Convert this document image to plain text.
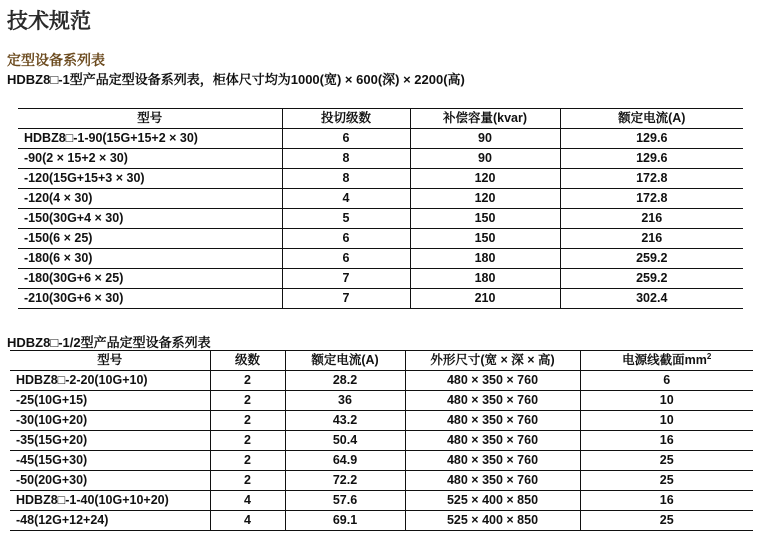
技术规范
定型设备系列表
HDBZ8□-1型产品定型设备系列表，柜体尺寸均为1000(宽) × 600(深) × 2200(高)
型号	投切级数	补偿容量(kvar)	额定电流(A)
HDBZ8□-1-90(15G+15+2 × 30)	6	90	129.6
-90(2 × 15+2 × 30)	8	90	129.6
-120(15G+15+3 × 30)	8	120	172.8
-120(4 × 30)	4	120	172.8
-150(30G+4 × 30)	5	150	216
-150(6 × 25)	6	150	216
-180(6 × 30)	6	180	259.2
-180(30G+6 × 25)	7	180	259.2
-210(30G+6 × 30)	7	210	302.4
HDBZ8□-1/2型产品定型设备系列表
型号	级数	额定电流(A)	外形尺寸(宽 × 深 × 高)	电源线截面$mm^2$
HDBZ8□-2-20(10G+10)	2	28.2	480 × 350 × 760	6
-25(10G+15)	2	36	480 × 350 × 760	10
-30(10G+20)	2	43.2	480 × 350 × 760	10
-35(15G+20)	2	50.4	480 × 350 × 760	16
-45(15G+30)	2	64.9	480 × 350 × 760	25
-50(20G+30)	2	72.2	480 × 350 × 760	25
HDBZ8□-1-40(10G+10+20)	4	57.6	525 × 400 × 850	16
-48(12G+12+24)	4	69.1	525 × 400 × 850	25
